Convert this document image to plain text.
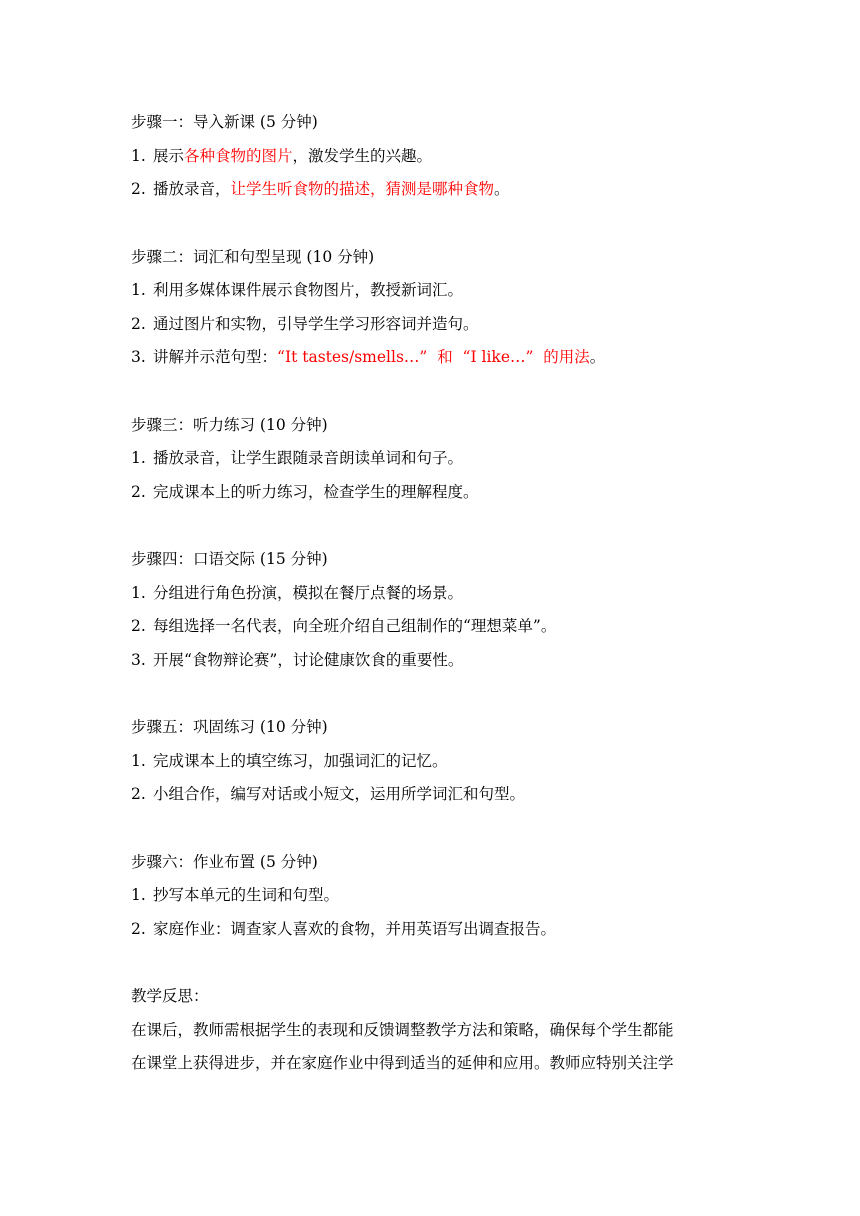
步骤一：导入新课 (5 分钟)
1. 展示各种食物的图片，激发学生的兴趣。
2. 播放录音，让学生听食物的描述，猜测是哪种食物。
步骤二：词汇和句型呈现 (10 分钟)
1. 利用多媒体课件展示食物图片，教授新词汇。
2. 通过图片和实物，引导学生学习形容词并造句。
3. 讲解并示范句型：“It tastes/smells…”  和  “I like…”  的用法。
步骤三：听力练习 (10 分钟)
1. 播放录音，让学生跟随录音朗读单词和句子。
2. 完成课本上的听力练习，检查学生的理解程度。
步骤四：口语交际 (15 分钟)
1. 分组进行角色扮演，模拟在餐厅点餐的场景。
2. 每组选择一名代表，向全班介绍自己组制作的“理想菜单”。
3. 开展“食物辩论赛”，讨论健康饮食的重要性。
步骤五：巩固练习 (10 分钟)
1. 完成课本上的填空练习，加强词汇的记忆。
2. 小组合作，编写对话或小短文，运用所学词汇和句型。
步骤六：作业布置 (5 分钟)
1. 抄写本单元的生词和句型。
2. 家庭作业：调查家人喜欢的食物，并用英语写出调查报告。
教学反思：
在课后，教师需根据学生的表现和反馈调整教学方法和策略，确保每个学生都能
在课堂上获得进步，并在家庭作业中得到适当的延伸和应用。教师应特别关注学
